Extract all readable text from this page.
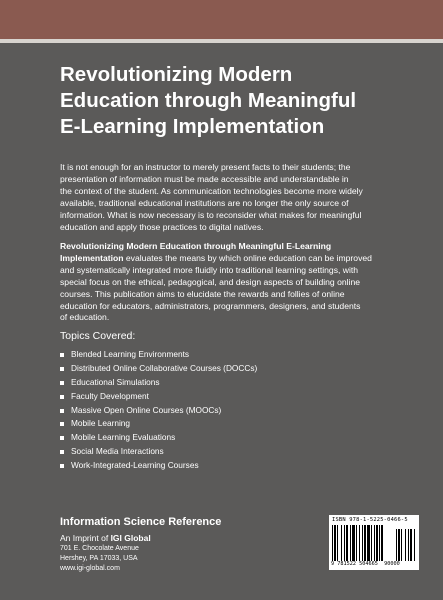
Revolutionizing Modern
Education through Meaningful
E-Learning Implementation
It is not enough for an instructor to merely present facts to their students; the
presentation of information must be made accessible and understandable in
the context of the student. As communication technologies become more widely
available, traditional educational institutions are no longer the only source of
information. What is now necessary is to reconsider what makes for meaningful
education and apply those practices to digital natives.
Revolutionizing Modern Education through Meaningful E-Learning
Implementation evaluates the means by which online education can be improved
and systematically integrated more fluidly into traditional learning settings, with
special focus on the ethical, pedagogical, and design aspects of building online
courses. This publication aims to elucidate the rewards and follies of online
education for educators, administrators, programmers, designers, and students
of education.
Topics Covered:
Blended Learning Environments
Distributed Online Collaborative Courses (DOCCs)
Educational Simulations
Faculty Development
Massive Open Online Courses (MOOCs)
Mobile Learning
Mobile Learning Evaluations
Social Media Interactions
Work-Integrated-Learning Courses
Information Science Reference
An Imprint of IGI Global
701 E. Chocolate Avenue
Hershey, PA 17033, USA
www.igi-global.com
ISBN 978-1-5225-0466-5
9 781522 504665 90000
